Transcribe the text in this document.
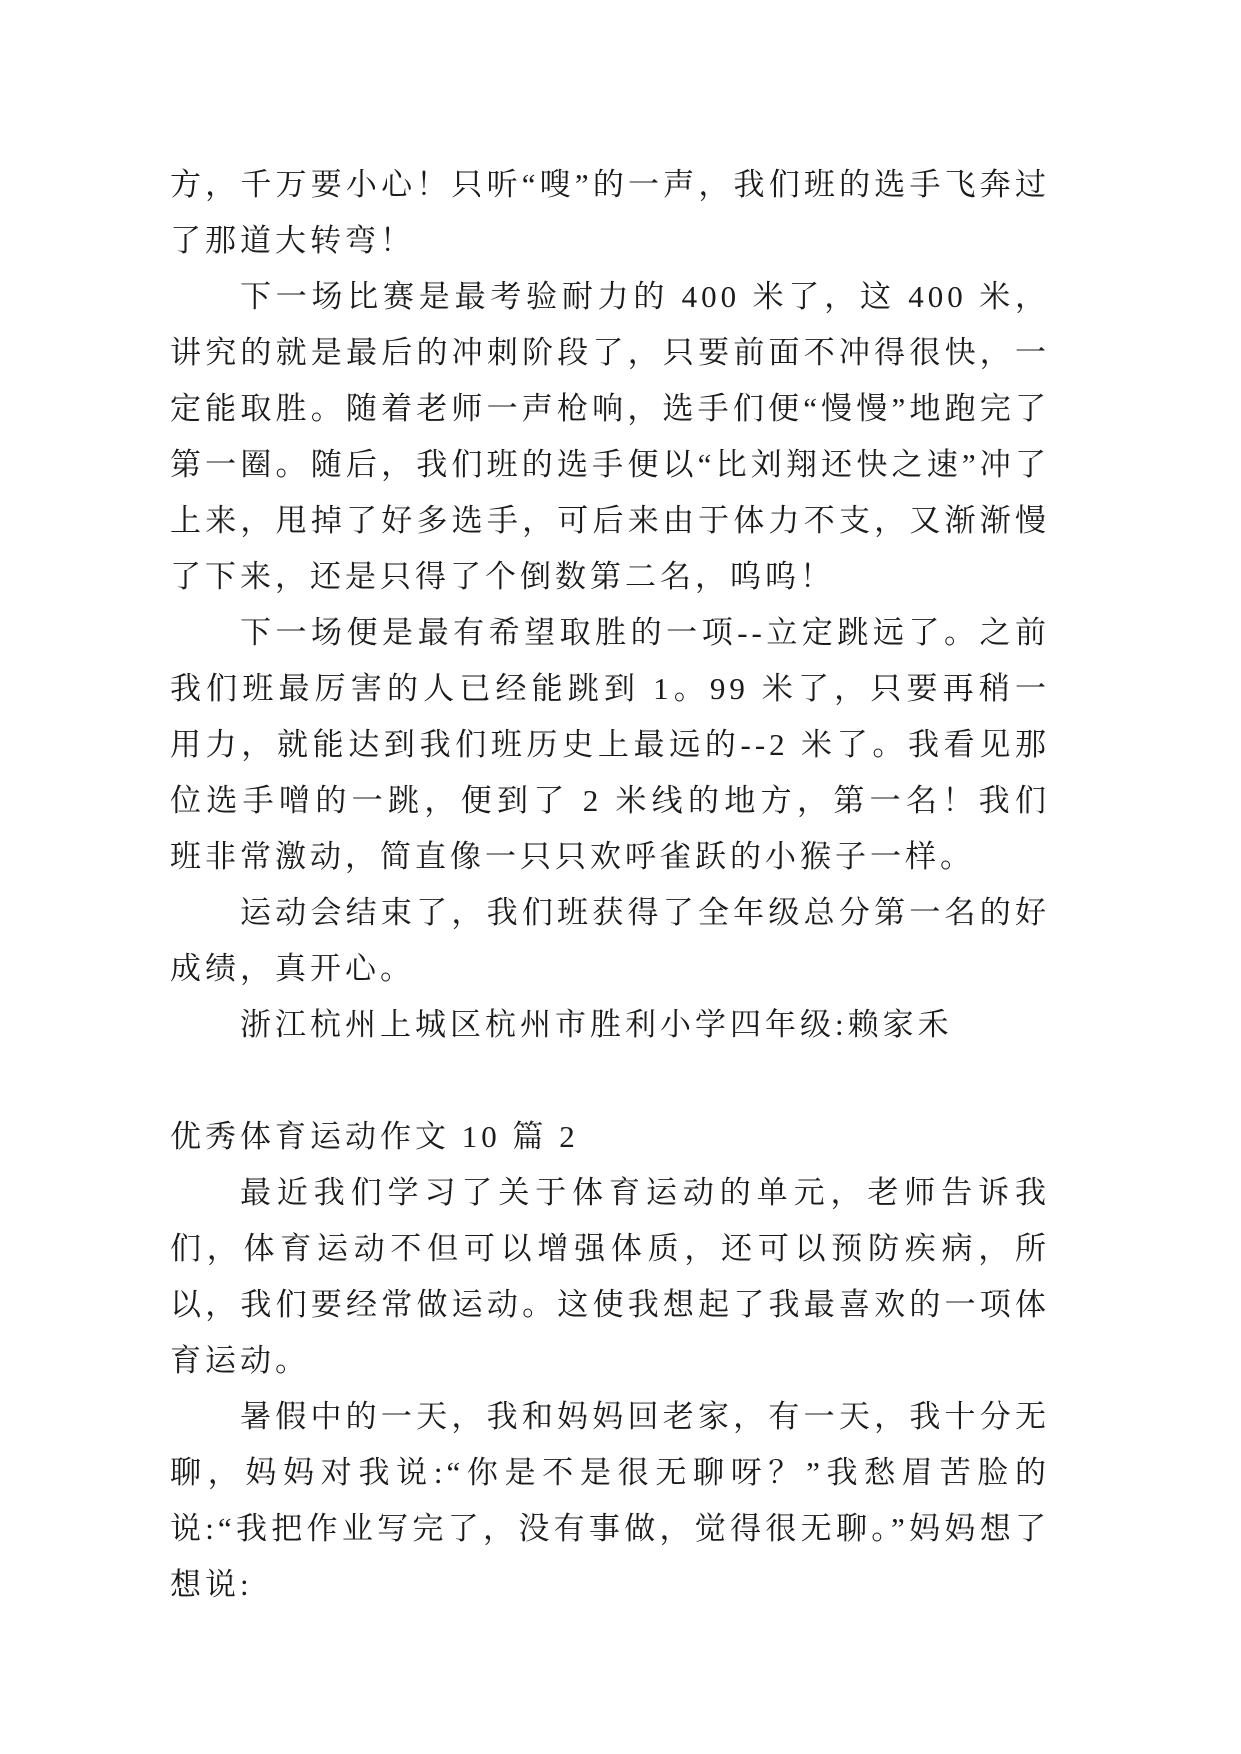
方，千万要小心！只听“嗖”的一声，我们班的选手飞奔过了那道大转弯！

下一场比赛是最考验耐力的 400 米了，这 400 米，讲究的就是最后的冲刺阶段了，只要前面不冲得很快，一定能取胜。随着老师一声枪响，选手们便“慢慢”地跑完了第一圈。随后，我们班的选手便以“比刘翔还快之速”冲了上来，甩掉了好多选手，可后来由于体力不支，又渐渐慢了下来，还是只得了个倒数第二名，呜呜！

下一场便是最有希望取胜的一项--立定跳远了。之前我们班最厉害的人已经能跳到 1。99 米了，只要再稍一用力，就能达到我们班历史上最远的--2 米了。我看见那位选手噌的一跳，便到了 2 米线的地方，第一名！我们班非常激动，简直像一只只欢呼雀跃的小猴子一样。

运动会结束了，我们班获得了全年级总分第一名的好成绩，真开心。

浙江杭州上城区杭州市胜利小学四年级:赖家禾

优秀体育运动作文 10 篇 2

最近我们学习了关于体育运动的单元，老师告诉我们，体育运动不但可以增强体质，还可以预防疾病，所以，我们要经常做运动。这使我想起了我最喜欢的一项体育运动。

暑假中的一天，我和妈妈回老家，有一天，我十分无聊，妈妈对我说:“你是不是很无聊呀？”我愁眉苦脸的说:“我把作业写完了，没有事做，觉得很无聊。”妈妈想了想说:
